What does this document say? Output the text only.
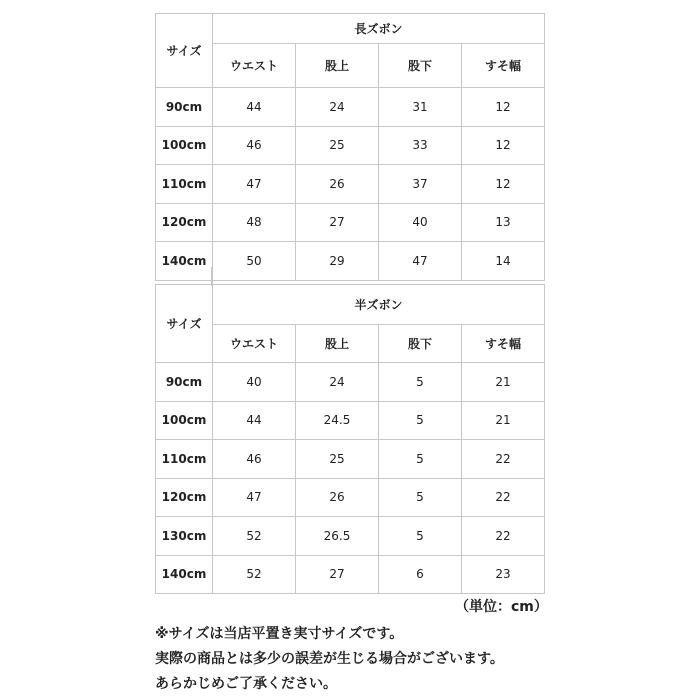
サイズ	長ズボン			
	ウエスト	股上	股下	すそ幅
90cm	44	24	31	12
100cm	46	25	33	12
110cm	47	26	37	12
120cm	48	27	40	13
140cm	50	29	47	14
サイズ	半ズボン			
	ウエスト	股上	股下	すそ幅
90cm	40	24	5	21
100cm	44	24.5	5	21
110cm	46	25	5	22
120cm	47	26	5	22
130cm	52	26.5	5	22
140cm	52	27	6	23
（単位：cm）
※サイズは当店平置き実寸サイズです。
実際の商品とは多少の誤差が生じる場合がございます。
あらかじめご了承ください。
